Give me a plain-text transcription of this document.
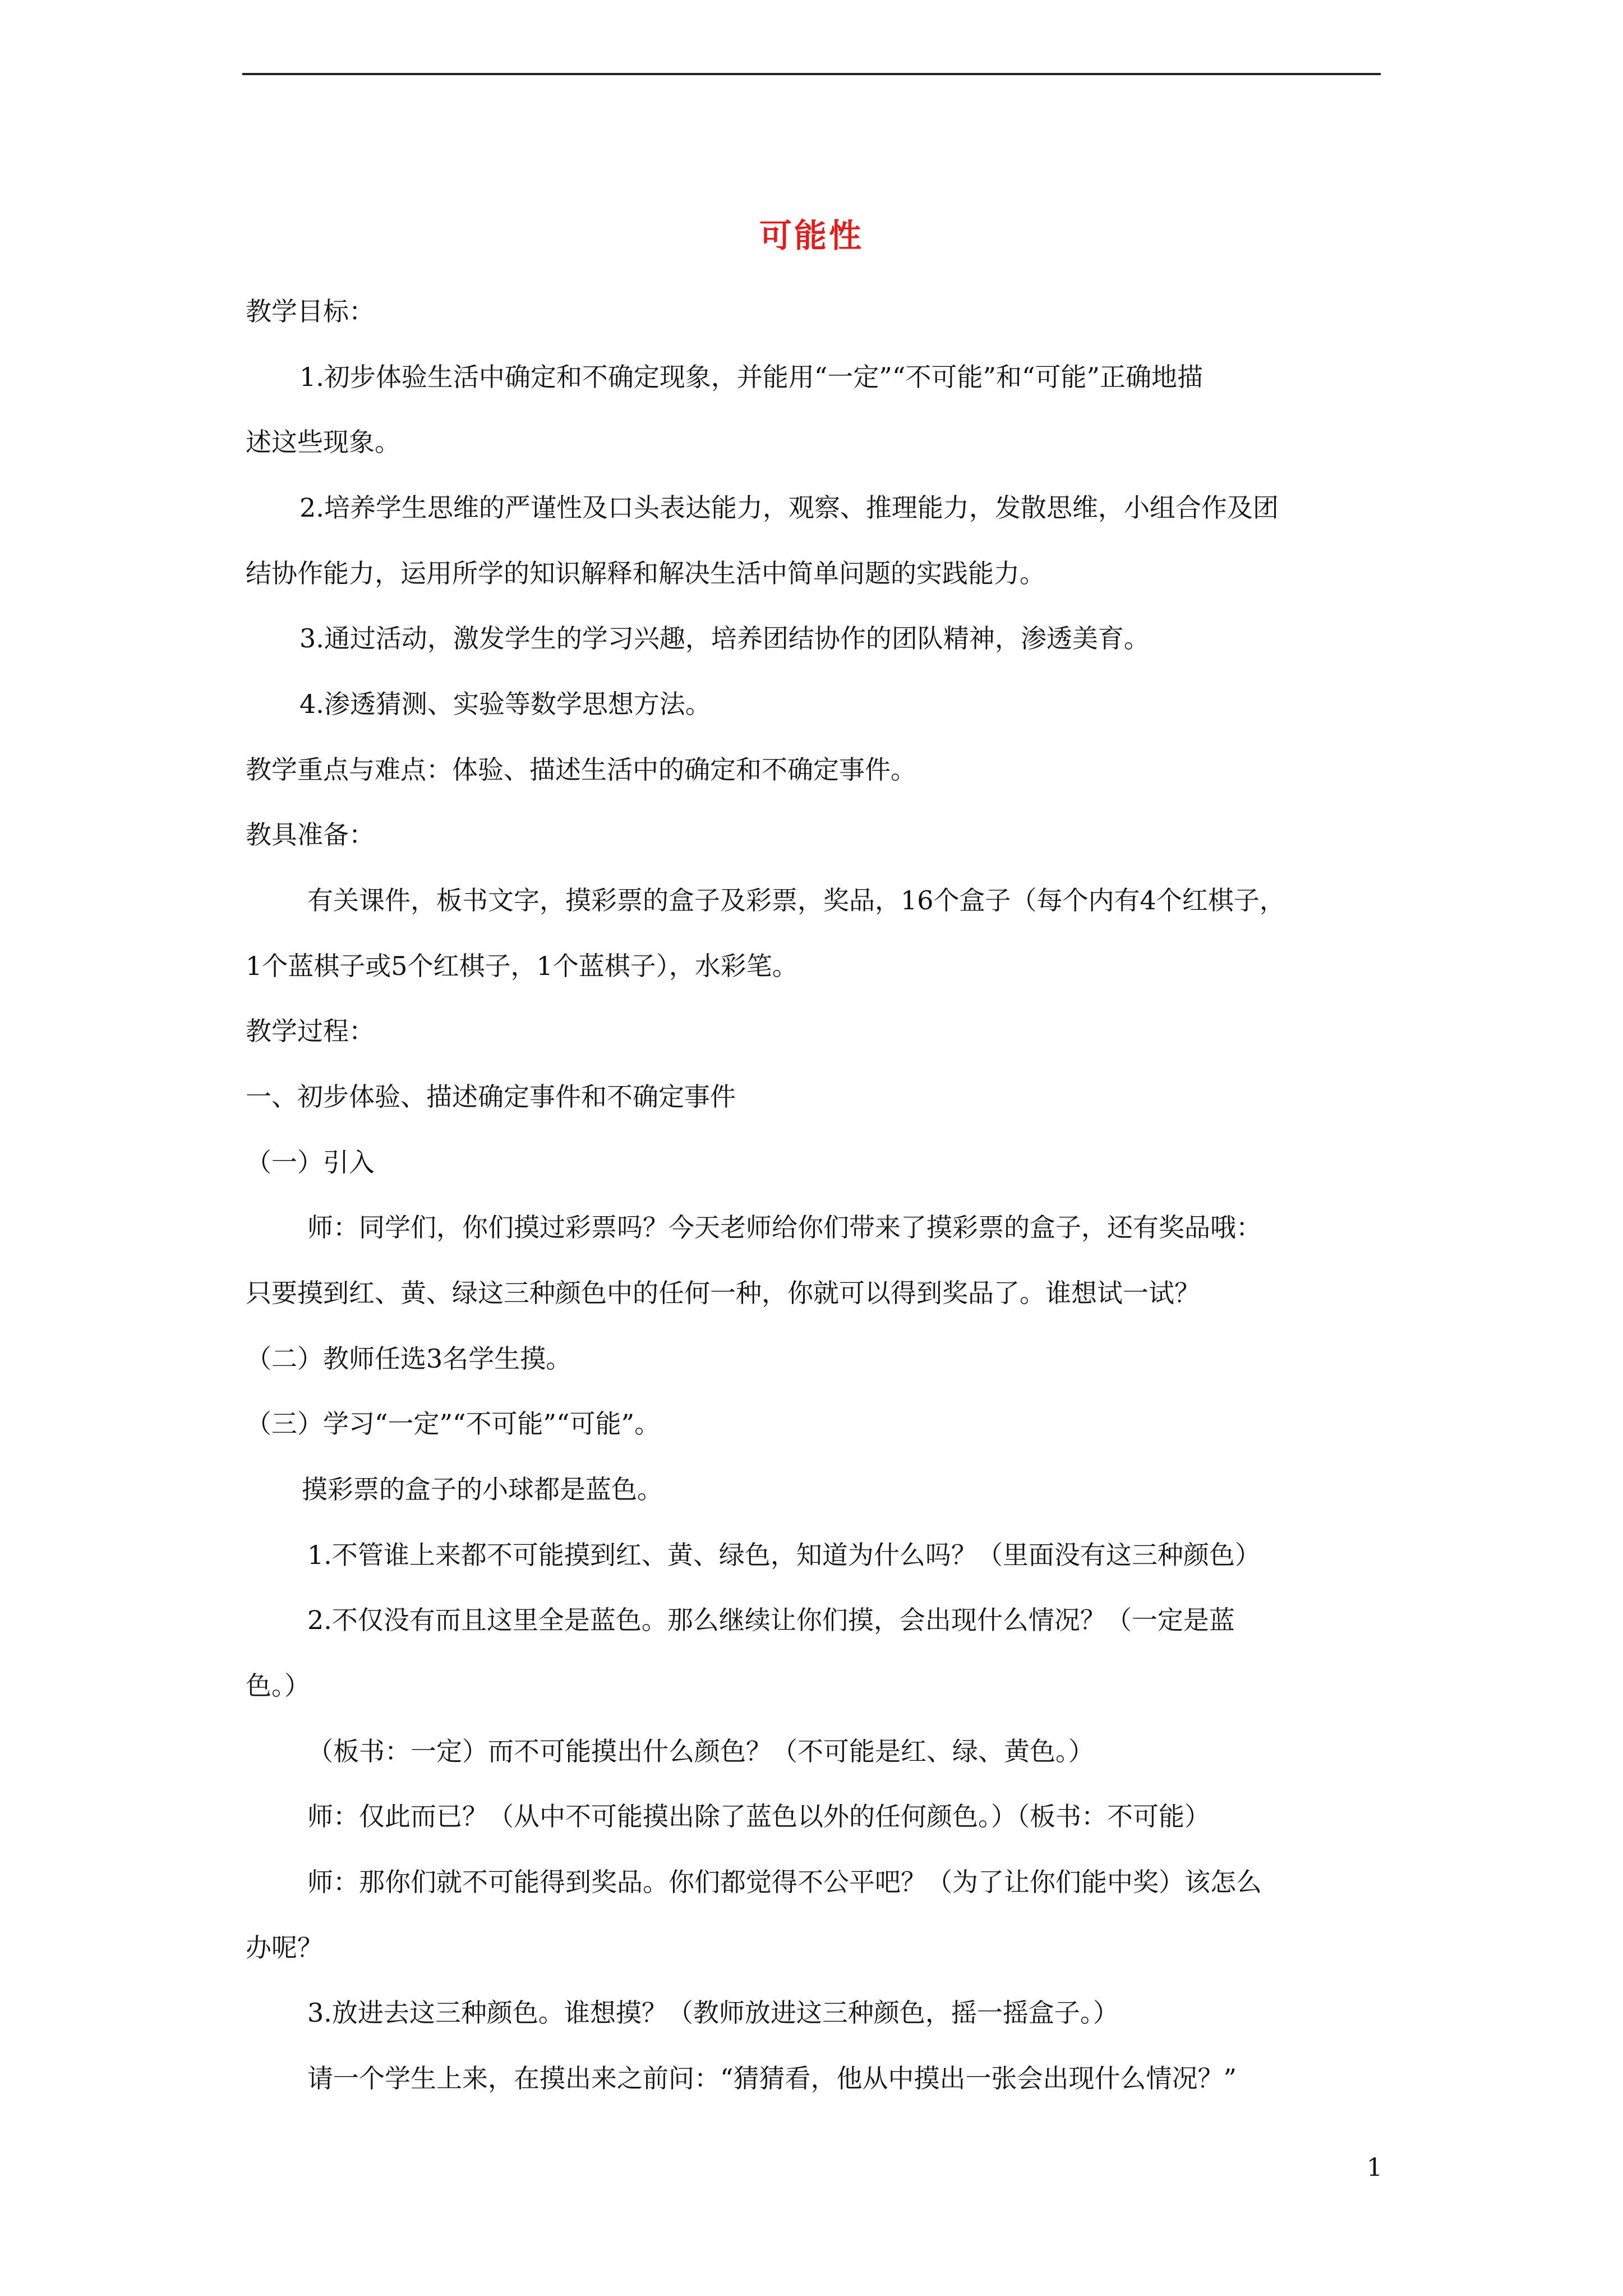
可能性
教学目标：
1.初步体验生活中确定和不确定现象，并能用“一定”“不可能”和“可能”正确地描
述这些现象。
2.培养学生思维的严谨性及口头表达能力，观察、推理能力，发散思维，小组合作及团
结协作能力，运用所学的知识解释和解决生活中简单问题的实践能力。
3.通过活动，激发学生的学习兴趣，培养团结协作的团队精神，渗透美育。
4.渗透猜测、实验等数学思想方法。
教学重点与难点：体验、描述生活中的确定和不确定事件。
教具准备：
有关课件，板书文字，摸彩票的盒子及彩票，奖品，16个盒子（每个内有4个红棋子，
1个蓝棋子或5个红棋子，1个蓝棋子），水彩笔。
教学过程：
一、初步体验、描述确定事件和不确定事件
（一）引入
师：同学们，你们摸过彩票吗？今天老师给你们带来了摸彩票的盒子，还有奖品哦：
只要摸到红、黄、绿这三种颜色中的任何一种，你就可以得到奖品了。谁想试一试？
（二）教师任选3名学生摸。
（三）学习“一定”“不可能”“可能”。
摸彩票的盒子的小球都是蓝色。
1.不管谁上来都不可能摸到红、黄、绿色，知道为什么吗？（里面没有这三种颜色）
2.不仅没有而且这里全是蓝色。那么继续让你们摸，会出现什么情况？（一定是蓝
色。）
（板书：一定）而不可能摸出什么颜色？（不可能是红、绿、黄色。）
师：仅此而已？（从中不可能摸出除了蓝色以外的任何颜色。）（板书：不可能）
师：那你们就不可能得到奖品。你们都觉得不公平吧？（为了让你们能中奖）该怎么
办呢？
3.放进去这三种颜色。谁想摸？（教师放进这三种颜色，摇一摇盒子。）
请一个学生上来，在摸出来之前问：“猜猜看，他从中摸出一张会出现什么情况？”
1
